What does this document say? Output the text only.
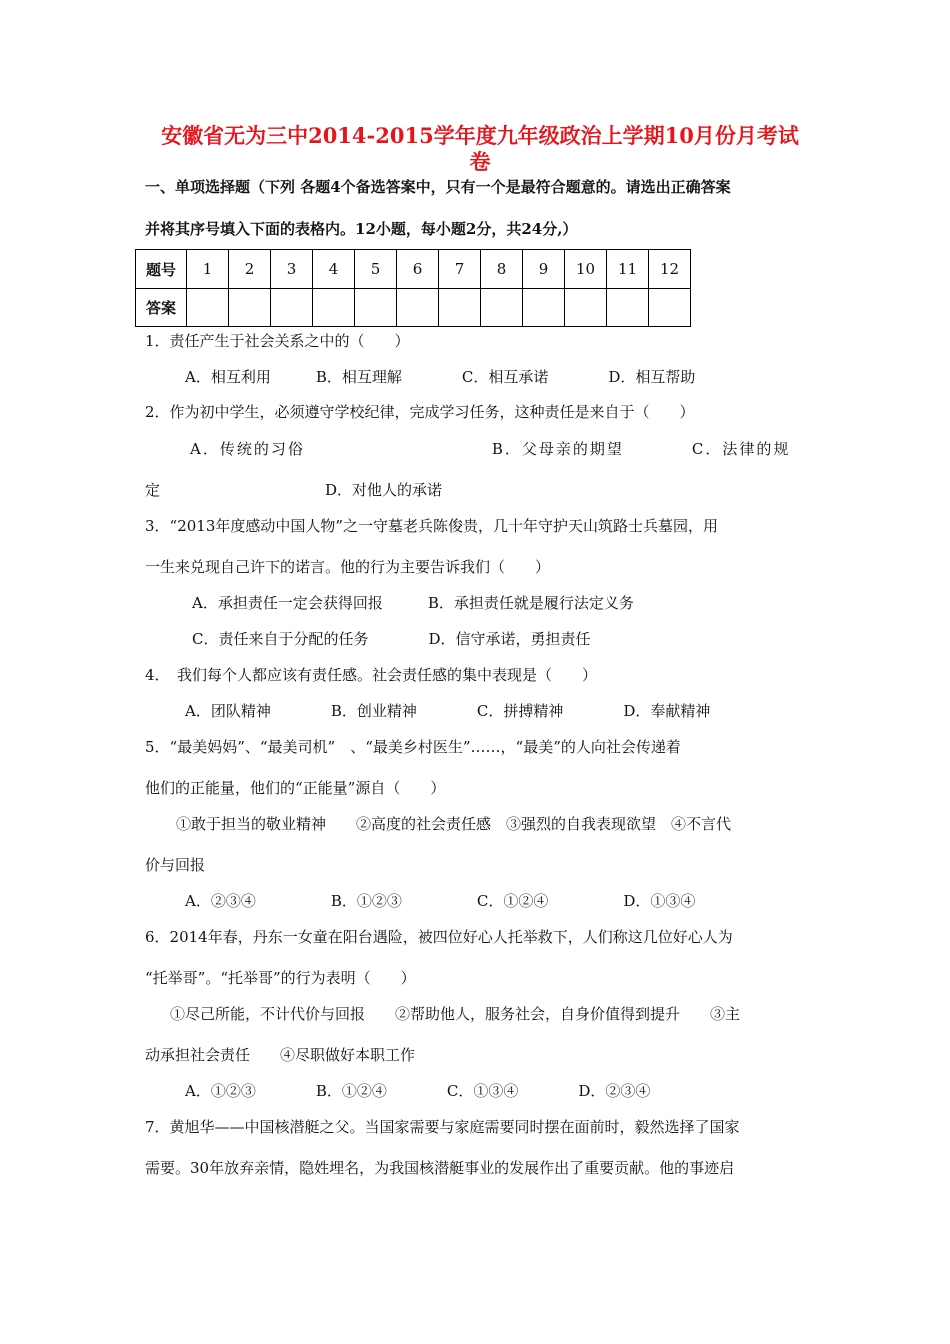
安徽省无为三中2014-2015学年度九年级政治上学期10月份月考试
卷
一、单项选择题（下列 各题4个备选答案中，只有一个是最符合题意的。请选出正确答案
并将其序号填入下面的表格内。12小题，每小题2分，共24分,）
题号	1	2	3	4	5	6	7	8	9	10	11	12
答案												
1．责任产生于社会关系之中的（　　）
A．相互利用　　　B．相互理解　　　　C．相互承诺　　　　D．相互帮助
2．作为初中学生，必须遵守学校纪律，完成学习任务，这种责任是来自于（　　）
A．传统的习俗　　　　　　　　　　　B．父母亲的期望　　　　C．法律的规
定　　　　　　　　　　　D．对他人的承诺
3．“2013年度感动中国人物”之一守墓老兵陈俊贵，几十年守护天山筑路士兵墓园，用
一生来兑现自己许下的诺言。他的行为主要告诉我们（　　）
A．承担责任一定会获得回报　　　B．承担责任就是履行法定义务
C．责任来自于分配的任务　　　　D．信守承诺，勇担责任
4．　我们每个人都应该有责任感。社会责任感的集中表现是（　　）
A．团队精神　　　　B．创业精神　　　　C．拼搏精神　　　　D．奉献精神
5．“最美妈妈”、“最美司机”　、“最美乡村医生”……，“最美”的人向社会传递着
他们的正能量，他们的“正能量”源自（　　）
①敢于担当的敬业精神　　②高度的社会责任感　③强烈的自我表现欲望　④不言代
价与回报
A．②③④　　　　　B．①②③　　　　　C．①②④　　　　　D．①③④
6．2014年春，丹东一女童在阳台遇险，被四位好心人托举救下，人们称这几位好心人为
“托举哥”。“托举哥”的行为表明（　　）
①尽己所能，不计代价与回报　　②帮助他人，服务社会，自身价值得到提升　　③主
动承担社会责任　　④尽职做好本职工作
A．①②③　　　　B．①②④　　　　C．①③④　　　　D．②③④
7．黄旭华——中国核潜艇之父。当国家需要与家庭需要同时摆在面前时，毅然选择了国家
需要。30年放弃亲情，隐姓埋名，为我国核潜艇事业的发展作出了重要贡献。他的事迹启
